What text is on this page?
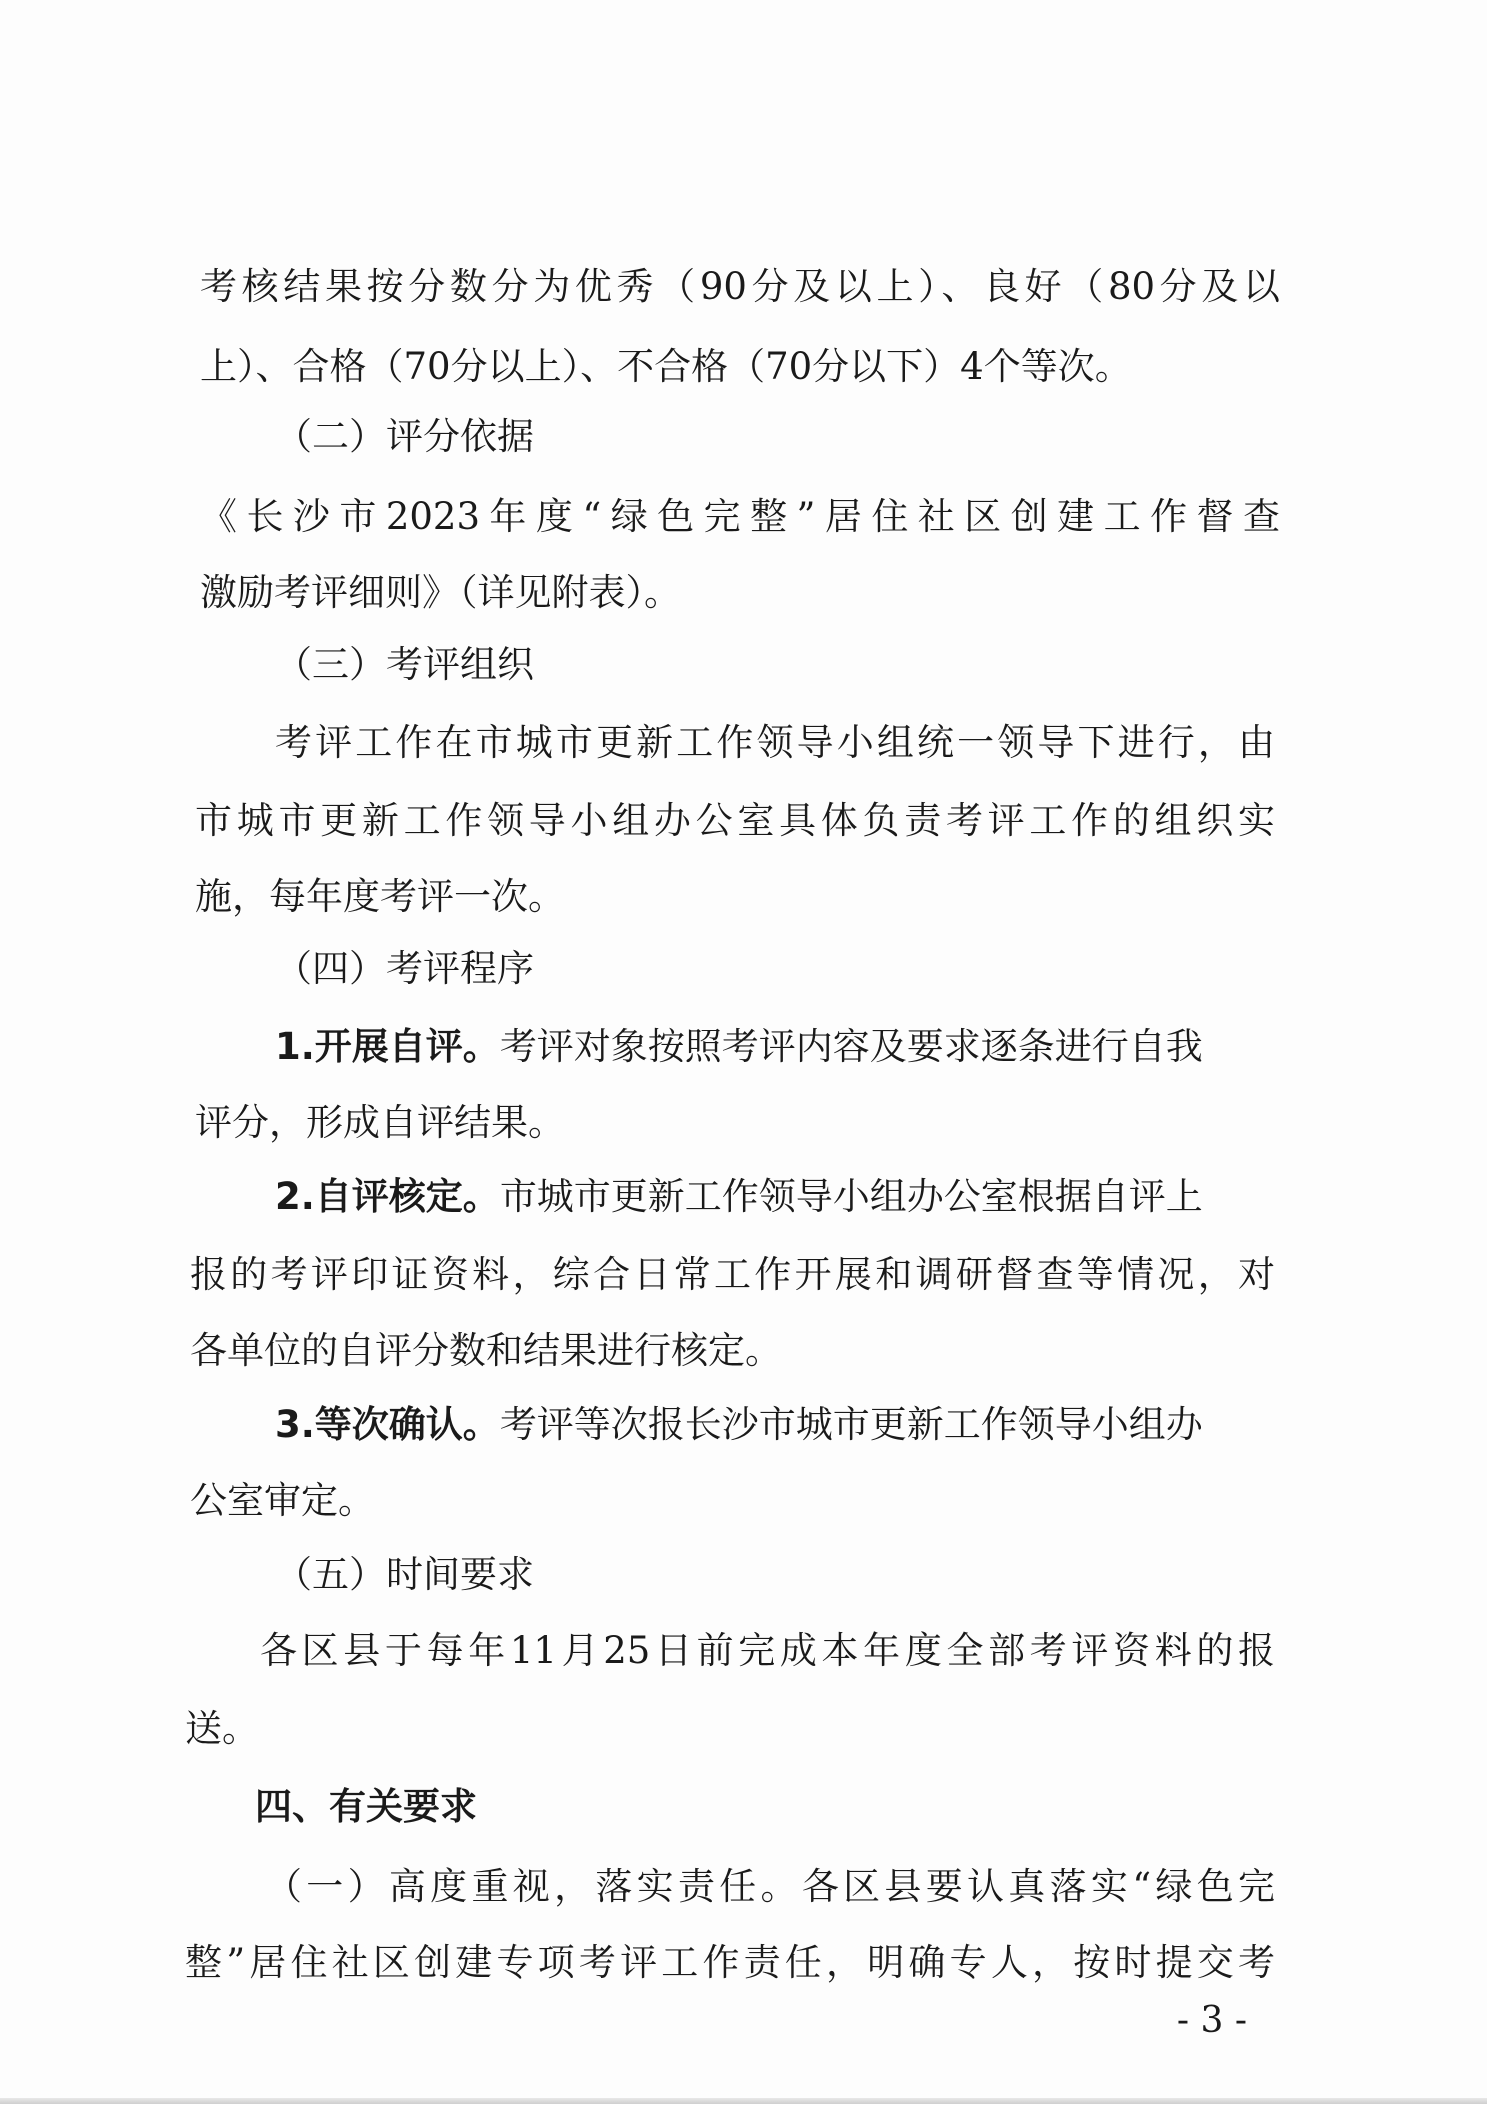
考核结果按分数分为优秀（90分及以上）、良好（80分及以
上）、合格（70分以上）、不合格（70分以下）4个等次。
（二）评分依据
《长沙市2023年度“绿色完整”居住社区创建工作督查
激励考评细则》（详见附表）。
（三）考评组织
考评工作在市城市更新工作领导小组统一领导下进行，由
市城市更新工作领导小组办公室具体负责考评工作的组织实
施，每年度考评一次。
（四）考评程序
1.开展自评。考评对象按照考评内容及要求逐条进行自我
评分，形成自评结果。
2.自评核定。市城市更新工作领导小组办公室根据自评上
报的考评印证资料，综合日常工作开展和调研督查等情况，对
各单位的自评分数和结果进行核定。
3.等次确认。考评等次报长沙市城市更新工作领导小组办
公室审定。
（五）时间要求
各区县于每年11月25日前完成本年度全部考评资料的报
送。
四、有关要求
（一）高度重视，落实责任。各区县要认真落实“绿色完
整”居住社区创建专项考评工作责任，明确专人，按时提交考
- 3 -
